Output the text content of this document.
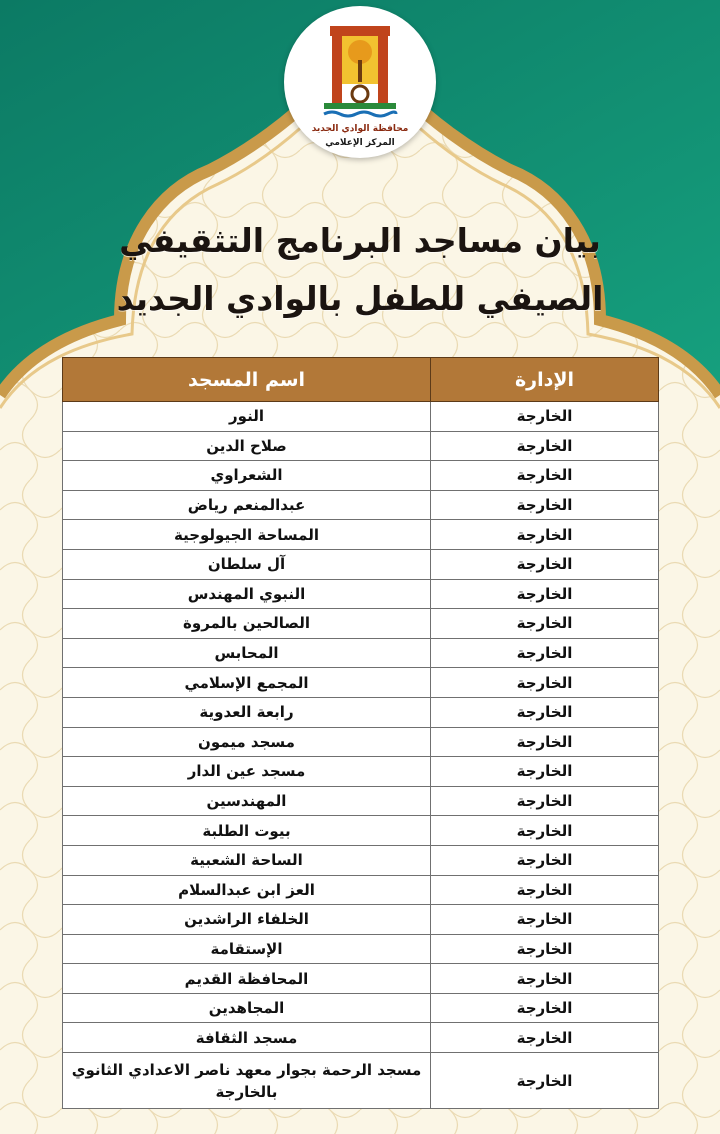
محافظة الوادي الجديد
المركز الإعلامي
بيان مساجد البرنامج التثقيفي
الصيفي للطفل بالوادي الجديد
الإدارة	اسم المسجد
الخارجة	النور
الخارجة	صلاح الدين
الخارجة	الشعراوي
الخارجة	عبدالمنعم رياض
الخارجة	المساحة الجيولوجية
الخارجة	آل سلطان
الخارجة	النبوي المهندس
الخارجة	الصالحين بالمروة
الخارجة	المحابس
الخارجة	المجمع الإسلامي
الخارجة	رابعة العدوية
الخارجة	مسجد ميمون
الخارجة	مسجد عين الدار
الخارجة	المهندسين
الخارجة	بيوت الطلبة
الخارجة	الساحة الشعبية
الخارجة	العز ابن عبدالسلام
الخارجة	الخلفاء الراشدين
الخارجة	الإستقامة
الخارجة	المحافظة القديم
الخارجة	المجاهدين
الخارجة	مسجد الثقافة
الخارجة	مسجد الرحمة بجوار معهد ناصر الاعدادي الثانوي بالخارجة
